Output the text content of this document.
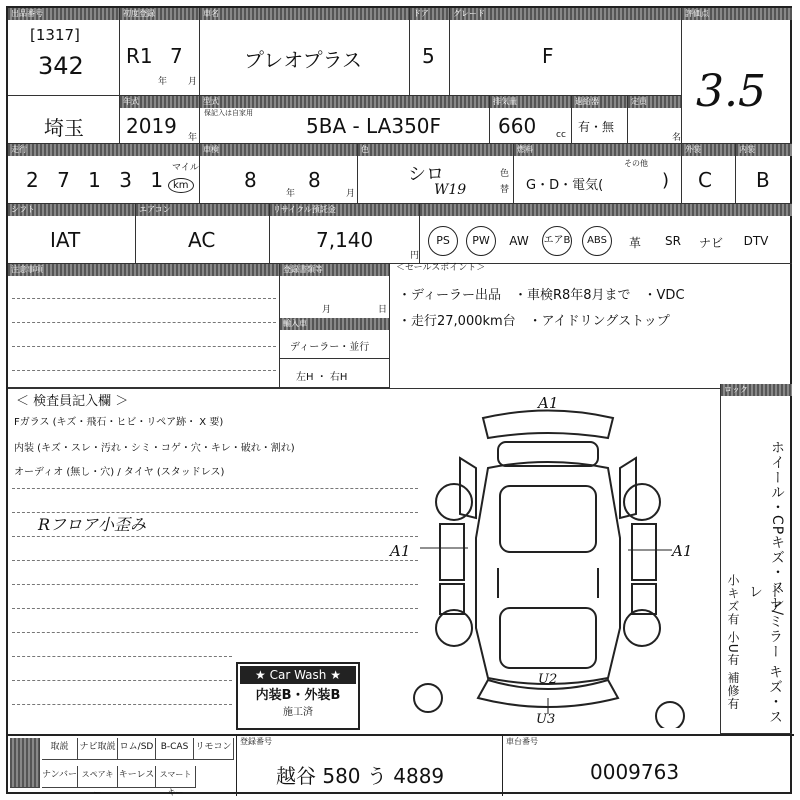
出品番号
[1317]
342
初度登録
R1 7
年 月
車名
プレオプラス
ドア
5
グレード
F
評価点
3.5
陸事
埼玉
年式
2019 年
型式
保記入は自家用
5BA - LA350F
排気量
660 cc
過給器
有・無
定員
名
走行
2 7 1 3 1 マイル
km
車検
8
年
8
月
色
シロ
W19
色
替
燃料
その他
G・D・電気(	)
外装
C
内装
B
シフト
IAT
エアコン
AC
リサイクル預託金
7,140
円
PS	PW	AW	エアB	ABS	革	SR	ナビ	DTV
注意事項	登録書類等
月	日
輸入車
ディーラー・並行
左H ・ 右H
＜セールスポイント＞
・ディーラー出品　・車検R8年8月まで　・VDC
・走行27,000km台　・アイドリングストップ
＜ 検査員記入欄 ＞
Fガラス (キズ・飛石・ヒビ・リペア跡・ X 要)
内装 (キズ・スレ・汚れ・シミ・コゲ・穴・キレ・破れ・割れ)
オーディオ (無し・穴) / タイヤ (スタッドレス)
Rフロア小歪み
A1
A1	A1
U2
U3
★ Car Wash ★
内装B・外装B
施工済
ロック
ホイール・CPキズ・スレ/
ドアミラー キズ・スレ
小キズ有 小U有 補修有
取説	ナビ取説 ロム/SD B-CAS リモコン
ナンバー スペアキー
キーレス スマートキー
登録番号
越谷 580 う 4889
車台番号
0009763
